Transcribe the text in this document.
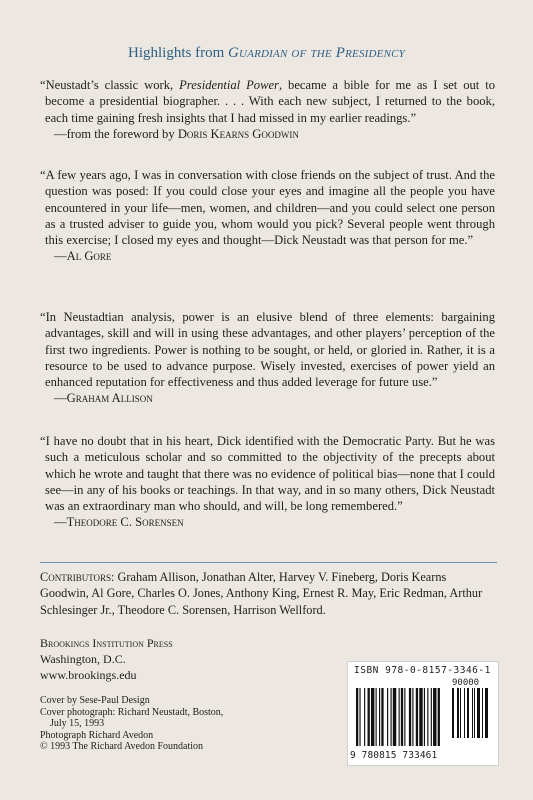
Highlights from Guardian of the Presidency
“Neustadt’s classic work, Presidential Power, became a bible for me as I set out to become a presidential biographer. . . . With each new subject, I returned to the book, each time gaining fresh insights that I had missed in my earlier readings.”
—from the foreword by Doris Kearns Goodwin
“A few years ago, I was in conversation with close friends on the subject of trust. And the question was posed: If you could close your eyes and imagine all the people you have encountered in your life—men, women, and children—and you could select one person as a trusted adviser to guide you, whom would you pick? Several people went through this exercise; I closed my eyes and thought—Dick Neustadt was that person for me.”
—Al Gore
“In Neustadtian analysis, power is an elusive blend of three elements: bargaining advantages, skill and will in using these advantages, and other players’ perception of the first two ingredients. Power is nothing to be sought, or held, or gloried in. Rather, it is a resource to be used to advance purpose. Wisely invested, exercises of power yield an enhanced reputation for effectiveness and thus added leverage for future use.”
—Graham Allison
“I have no doubt that in his heart, Dick identified with the Democratic Party. But he was such a meticulous scholar and so committed to the objectivity of the precepts about which he wrote and taught that there was no evidence of political bias—none that I could see—in any of his books or teachings. In that way, and in so many others, Dick Neustadt was an extraordinary man who should, and will, be long remembered.”
—Theodore C. Sorensen
Contributors: Graham Allison, Jonathan Alter, Harvey V. Fineberg, Doris Kearns Goodwin, Al Gore, Charles O. Jones, Anthony King, Ernest R. May, Eric Redman, Arthur Schlesinger Jr., Theodore C. Sorensen, Harrison Wellford.
Brookings Institution Press
Washington, D.C.
www.brookings.edu
Cover by Sese-Paul Design
Cover photograph: Richard Neustadt, Boston,
July 15, 1993
Photograph Richard Avedon
© 1993 The Richard Avedon Foundation
ISBN 978-0-8157-3346-1
90000
9 780815 733461
